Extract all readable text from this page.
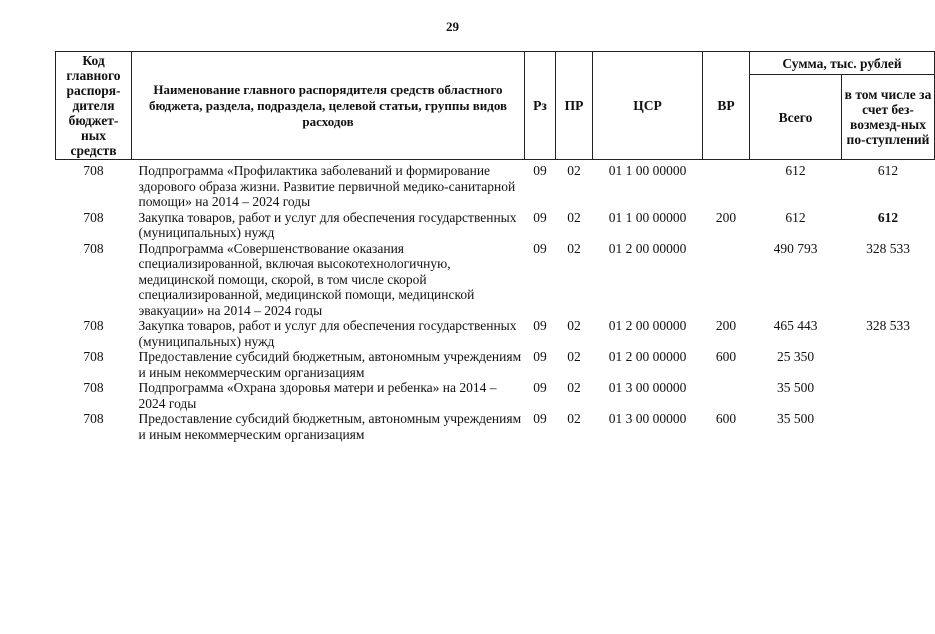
29
Код главного распоря-дителя бюджет-ных средств	Наименование главного распорядителя средств областного бюджета, раздела, подраздела, целевой статьи, группы видов расходов	Рз	ПР	ЦСР	ВР	Сумма, тыс. рублей	
						Всего	в том числе за счет без-возмезд-ных по-ступлений
708	Подпрограмма «Профилактика заболеваний и формирование здорового образа жизни. Развитие первичной медико-санитарной помощи» на 2014 – 2024 годы	09	02	01 1 00 00000		612	612
708	Закупка товаров, работ и услуг для обеспечения государственных (муниципальных) нужд	09	02	01 1 00 00000	200	612	612
708	Подпрограмма «Совершенствование оказания специализированной, включая высокотехнологичную, медицинской помощи, скорой, в том числе скорой специализированной, медицинской помощи, медицинской эвакуации» на 2014 – 2024 годы	09	02	01 2 00 00000		490 793	328 533
708	Закупка товаров, работ и услуг для обеспечения государственных (муниципальных) нужд	09	02	01 2 00 00000	200	465 443	328 533
708	Предоставление субсидий бюджетным, автономным учреждениям и иным некоммерческим организациям	09	02	01 2 00 00000	600	25 350	
708	Подпрограмма «Охрана здоровья матери и ребенка» на 2014 – 2024 годы	09	02	01 3 00 00000		35 500	
708	Предоставление субсидий бюджетным, автономным учреждениям и иным некоммерческим организациям	09	02	01 3 00 00000	600	35 500	
